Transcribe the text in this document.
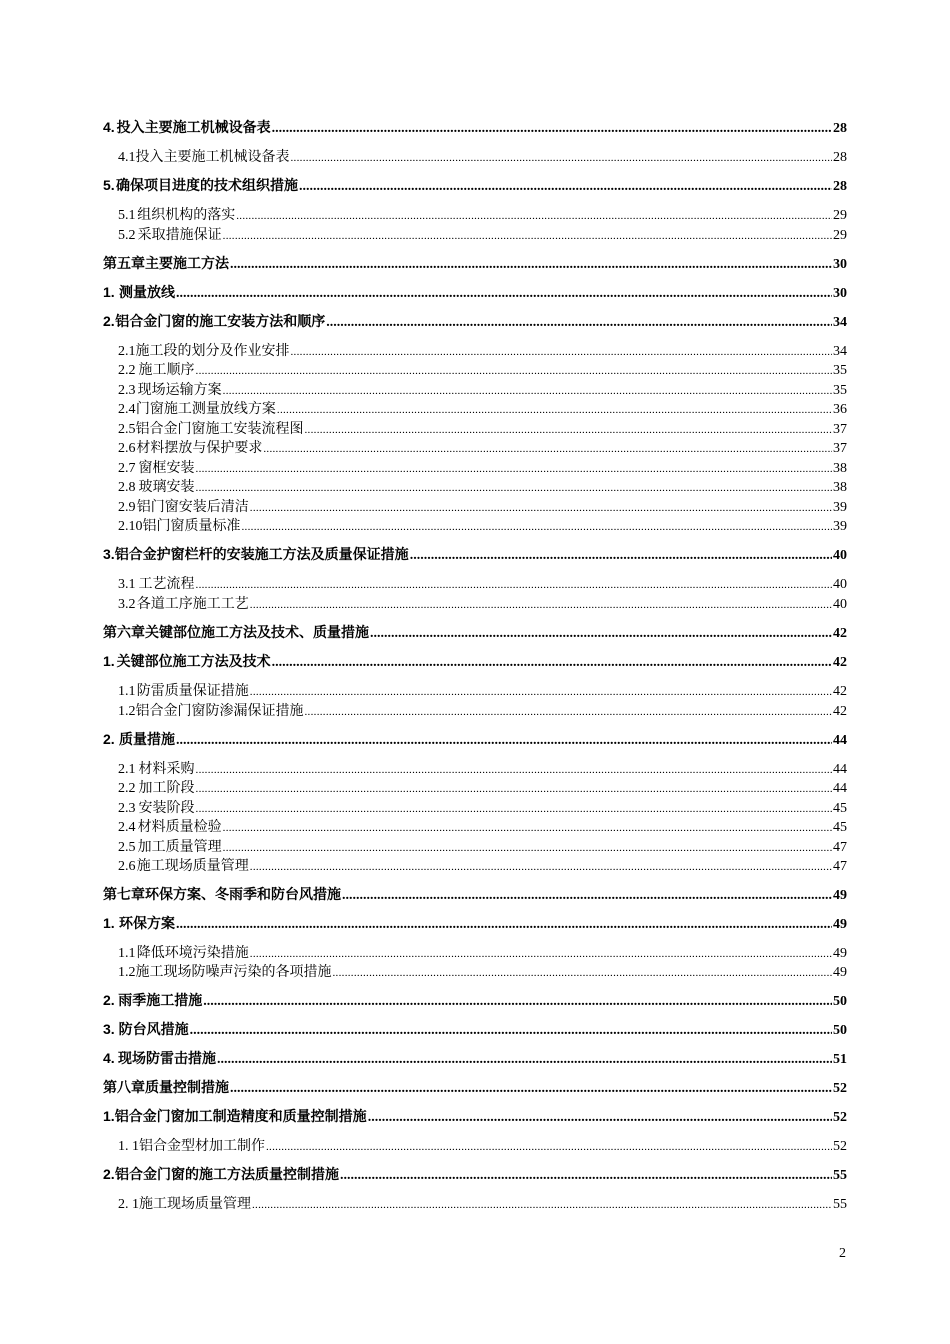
4. 投入主要施工机械设备表 .....	28
4.1 投入主要施工机械设备表 .....	28
5. 确保项目进度的技术组织措施 .....	28
5.1 组织机构的落实 .....	29
5.2 采取措施保证 .....	29
第五章 主要施工方法 .....	30
1. 测量放线 .....	30
2. 铝合金门窗的施工安装方法和顺序 .....	34
2.1 施工段的划分及作业安排 .....	34
2.2 施工顺序 .....	35
2.3 现场运输方案 .....	35
2.4 门窗施工测量放线方案 .....	36
2.5 铝合金门窗施工安装流程图 .....	37
2.6 材料摆放与保护要求 .....	37
2.7 窗框安装 .....	38
2.8 玻璃安装 .....	38
2.9 铝门窗安装后清洁 .....	39
2.10 铝门窗质量标准 .....	39
3. 铝合金护窗栏杆的安装施工方法及质量保证措施 .....	40
3.1 工艺流程 .....	40
3.2 各道工序施工工艺 .....	40
第六章 关键部位施工方法及技术、质量措施 .....	42
1. 关键部位施工方法及技术 .....	42
1.1 防雷质量保证措施 .....	42
1.2 铝合金门窗防渗漏保证措施 .....	42
2. 质量措施 .....	44
2.1 材料采购 .....	44
2.2 加工阶段 .....	44
2.3 安装阶段 .....	45
2.4 材料质量检验 .....	45
2.5 加工质量管理 .....	47
2.6 施工现场质量管理 .....	47
第七章 环保方案、冬雨季和防台风措施 .....	49
1. 环保方案 .....	49
1.1 降低环境污染措施 .....	49
1.2 施工现场防噪声污染的各项措施 .....	49
2. 雨季施工措施 .....	50
3. 防台风措施 .....	50
4. 现场防雷击措施 .....	51
第八章 质量控制措施 .....	52
1. 铝合金门窗加工制造精度和质量控制措施 .....	52
1. 1 铝合金型材加工制作 .....	52
2. 铝合金门窗的施工方法质量控制措施 .....	55
2. 1 施工现场质量管理 .....	55
2
